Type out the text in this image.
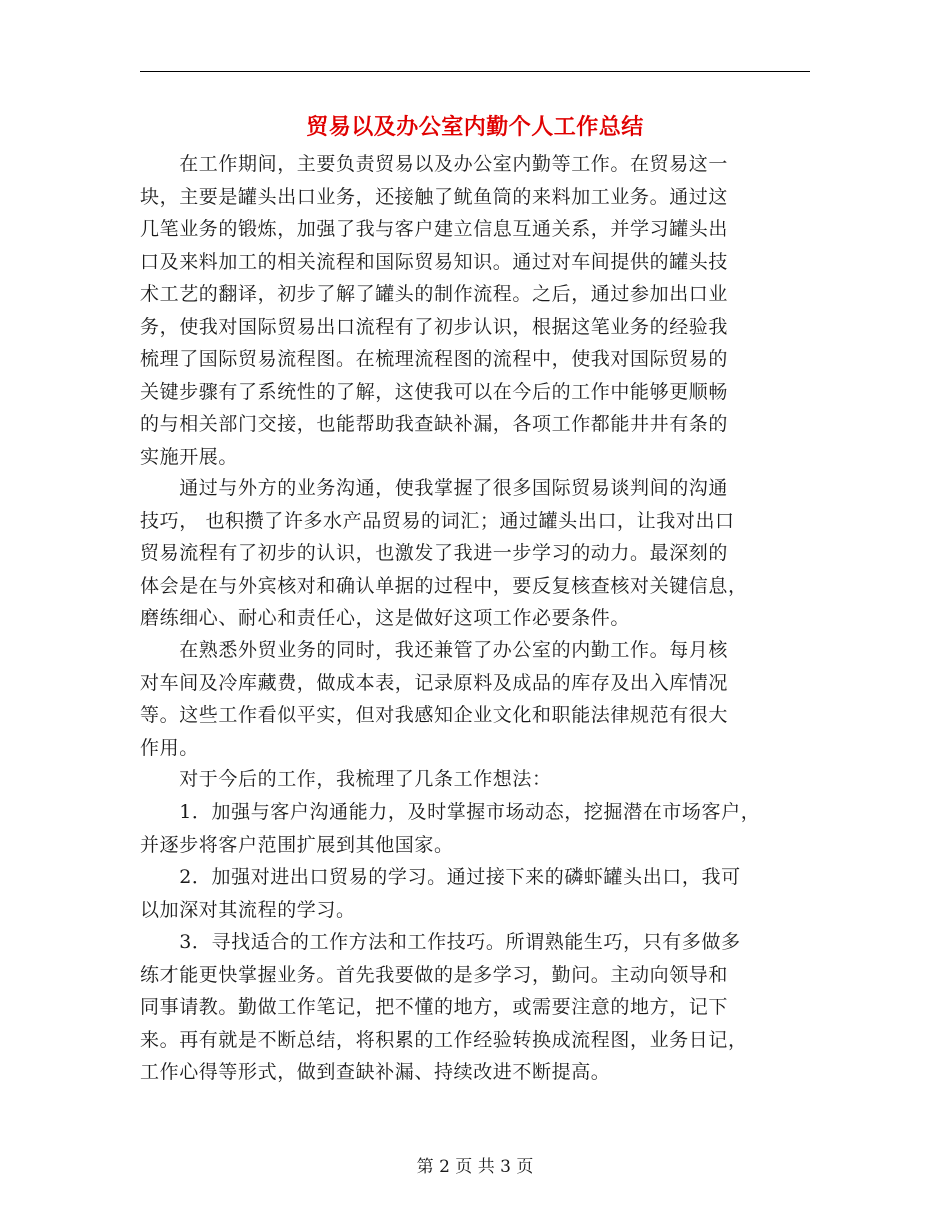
贸易以及办公室内勤个人工作总结
　　在工作期间，主要负责贸易以及办公室内勤等工作。在贸易这一
块，主要是罐头出口业务，还接触了鱿鱼筒的来料加工业务。通过这
几笔业务的锻炼，加强了我与客户建立信息互通关系，并学习罐头出
口及来料加工的相关流程和国际贸易知识。通过对车间提供的罐头技
术工艺的翻译，初步了解了罐头的制作流程。之后，通过参加出口业
务，使我对国际贸易出口流程有了初步认识，根据这笔业务的经验我
梳理了国际贸易流程图。在梳理流程图的流程中，使我对国际贸易的
关键步骤有了系统性的了解，这使我可以在今后的工作中能够更顺畅
的与相关部门交接，也能帮助我查缺补漏，各项工作都能井井有条的
实施开展。
　　通过与外方的业务沟通，使我掌握了很多国际贸易谈判间的沟通
技巧， 也积攒了许多水产品贸易的词汇；通过罐头出口，让我对出口
贸易流程有了初步的认识，也激发了我进一步学习的动力。最深刻的
体会是在与外宾核对和确认单据的过程中，要反复核查核对关键信息，
磨练细心、耐心和责任心，这是做好这项工作必要条件。
　　在熟悉外贸业务的同时，我还兼管了办公室的内勤工作。每月核
对车间及冷库藏费，做成本表，记录原料及成品的库存及出入库情况
等。这些工作看似平实，但对我感知企业文化和职能法律规范有很大
作用。
　　对于今后的工作，我梳理了几条工作想法：
　　1．加强与客户沟通能力，及时掌握市场动态，挖掘潜在市场客户，
并逐步将客户范围扩展到其他国家。
　　2．加强对进出口贸易的学习。通过接下来的磷虾罐头出口，我可
以加深对其流程的学习。
　　3．寻找适合的工作方法和工作技巧。所谓熟能生巧，只有多做多
练才能更快掌握业务。首先我要做的是多学习，勤问。主动向领导和
同事请教。勤做工作笔记，把不懂的地方，或需要注意的地方，记下
来。再有就是不断总结，将积累的工作经验转换成流程图，业务日记，
工作心得等形式，做到查缺补漏、持续改进不断提高。
第 2 页 共 3 页
